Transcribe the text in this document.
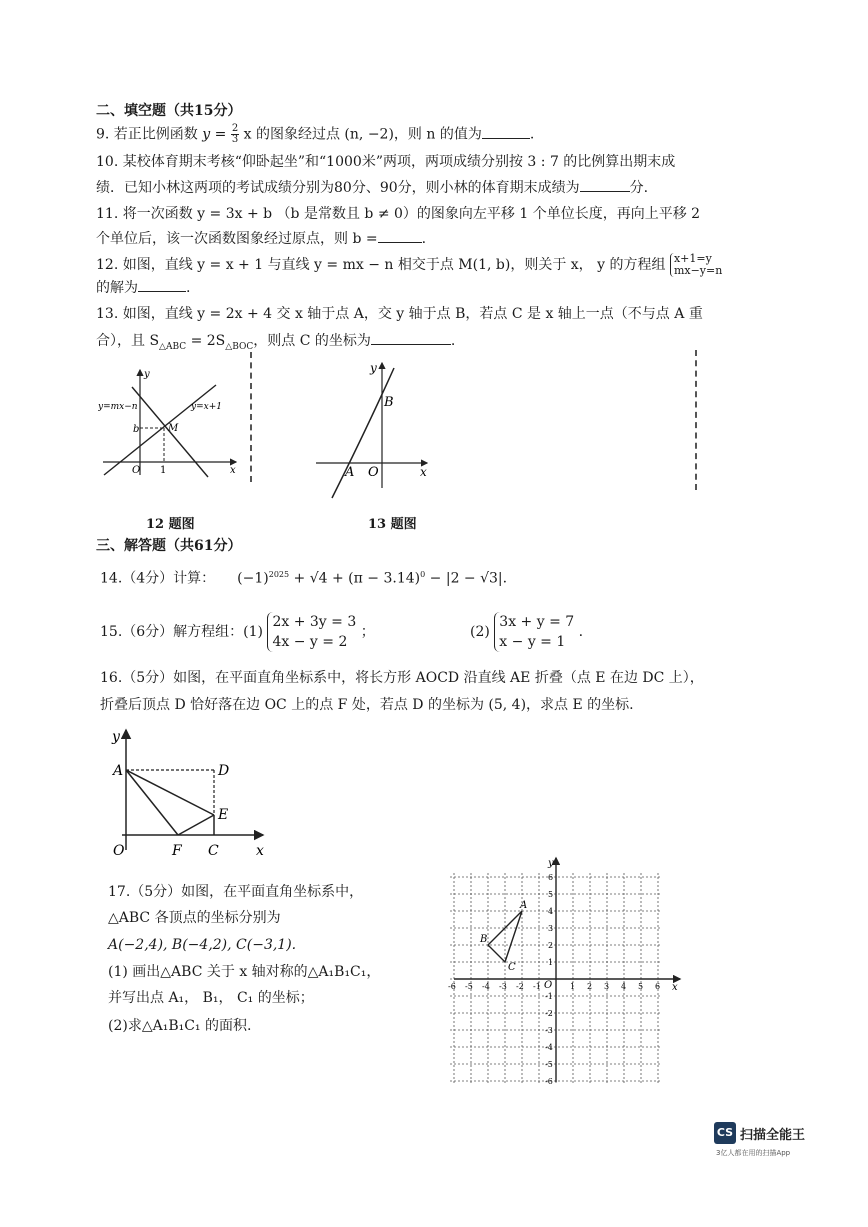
二、填空题（共15分）
9. 若正比例函数 $y = \frac{2}{3}$ x 的图象经过点 (n, −2)，则 n 的值为	.
10. 某校体育期末考核“仰卧起坐”和“1000米”两项，两项成绩分别按 3 : 7 的比例算出期末成
绩．已知小林这两项的考试成绩分别为80分、90分，则小林的体育期末成绩为	分.
11. 将一次函数 y = 3x + b （b 是常数且 b ≠ 0）的图象向左平移 1 个单位长度，再向上平移 2
个单位后，该一次函数图象经过原点，则 b =	.
12. 如图，直线 y = x + 1 与直线 y = mx − n 相交于点 M(1, b)，则关于 x， y 的方程组 x+1=y
mx−y=n
的解为	.
13. 如图，直线 y = 2x + 4 交 x 轴于点 A，交 y 轴于点 B，若点 C 是 x 轴上一点（不与点 A 重
合），且 $S_{\triangle ABC} = 2S_{\triangle BOC}$，则点 C 的坐标为	.
y
x
O
b	M
1
y=mx−n	y=x+1
y
x
O
A
B
12 题图	13 题图
三、解答题（共61分）
14.（4分）计算： $(-1)^{2025} + √4 + (\pi - 3.14)^0 - |2 - √3|$.
15.（6分）解方程组：(1)
2x + 3y = 3
4x − y = 2
；	(2)
3x + y = 7
x − y = 1
.
16.（5分）如图，在平面直角坐标系中，将长方形 AOCD 沿直线 AE 折叠（点 E 在边 DC 上），
折叠后顶点 D 恰好落在边 OC 上的点 F 处，若点 D 的坐标为 (5, 4)，求点 E 的坐标.
y
x
A	D
E
O	F C
17.（5分）如图，在平面直角坐标系中，
△ABC 各顶点的坐标分别为
A(−2,4), B(−4,2), C(−3,1).
(1) 画出△ABC 关于 x 轴对称的△A₁B₁C₁，
并写出点 A₁， B₁， C₁ 的坐标；
(2)求△A₁B₁C₁ 的面积.
-6 -5 -4 -3 -2 -1	1 2 3 4 5 6
6
5
4
3
2
1
-1
-2
-3
-4
-5
-6
y
x
O
A
B
C
CS 扫描全能王
3亿人都在用的扫描App
